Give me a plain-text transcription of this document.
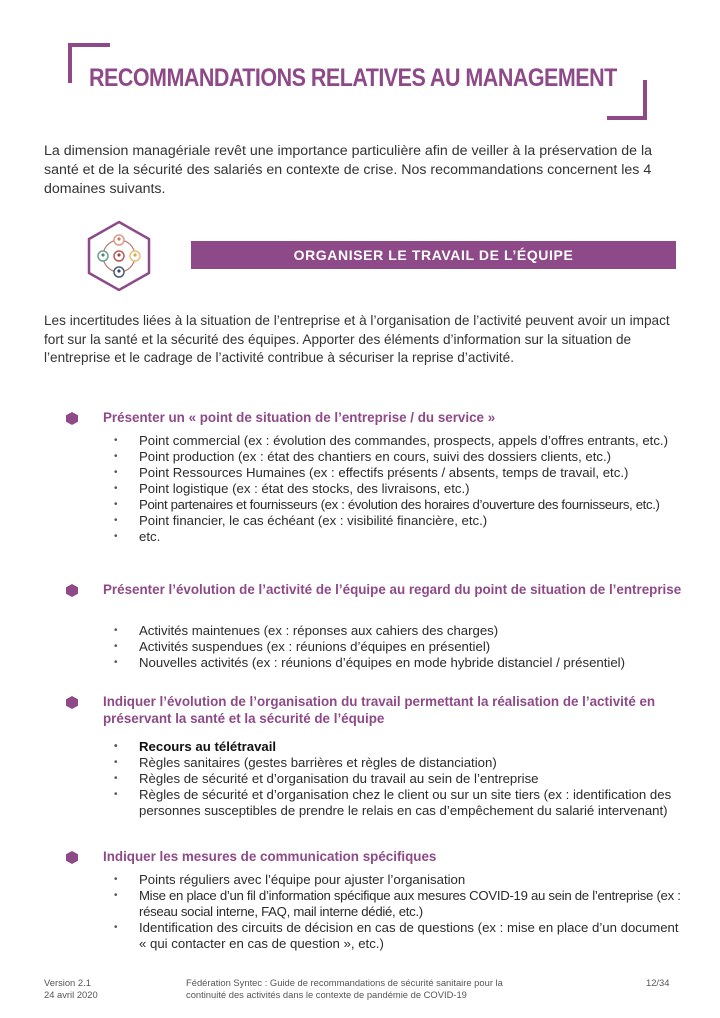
RECOMMANDATIONS RELATIVES AU MANAGEMENT
La dimension managériale revêt une importance particulière afin de veiller à la préservation de la santé et de la sécurité des salariés en contexte de crise. Nos recommandations concernent les 4 domaines suivants.
ORGANISER LE TRAVAIL DE L’ÉQUIPE
Les incertitudes liées à la situation de l’entreprise et à l’organisation de l’activité peuvent avoir un impact fort sur la santé et la sécurité des équipes. Apporter des éléments d’information sur la situation de l’entreprise et le cadrage de l’activité contribue à sécuriser la reprise d’activité.
Présenter un « point de situation de l’entreprise / du service »
• Point commercial (ex : évolution des commandes, prospects, appels d’offres entrants, etc.)
• Point production (ex : état des chantiers en cours, suivi des dossiers clients, etc.)
• Point Ressources Humaines (ex : effectifs présents / absents, temps de travail, etc.)
• Point logistique (ex : état des stocks, des livraisons, etc.)
• Point partenaires et fournisseurs (ex : évolution des horaires d’ouverture des fournisseurs, etc.)
• Point financier, le cas échéant (ex : visibilité financière, etc.)
• etc.
Présenter l’évolution de l’activité de l’équipe au regard du point de situation de l’entreprise
• Activités maintenues (ex : réponses aux cahiers des charges)
• Activités suspendues (ex : réunions d’équipes en présentiel)
• Nouvelles activités (ex : réunions d’équipes en mode hybride distanciel / présentiel)
Indiquer l’évolution de l’organisation du travail permettant la réalisation de l’activité en préservant la santé et la sécurité de l’équipe
• Recours au télétravail
• Règles sanitaires (gestes barrières et règles de distanciation)
• Règles de sécurité et d’organisation du travail au sein de l’entreprise
• Règles de sécurité et d’organisation chez le client ou sur un site tiers (ex : identification des personnes susceptibles de prendre le relais en cas d’empêchement du salarié intervenant)
Indiquer les mesures de communication spécifiques
• Points réguliers avec l’équipe pour ajuster l’organisation
• Mise en place d’un fil d’information spécifique aux mesures COVID-19 au sein de l’entreprise (ex : réseau social interne, FAQ, mail interne dédié, etc.)
• Identification des circuits de décision en cas de questions (ex : mise en place d’un document « qui contacter en cas de question », etc.)
Version 2.1
24 avril 2020
Fédération Syntec : Guide de recommandations de sécurité sanitaire pour la
continuité des activités dans le contexte de pandémie de COVID-19
12/34
